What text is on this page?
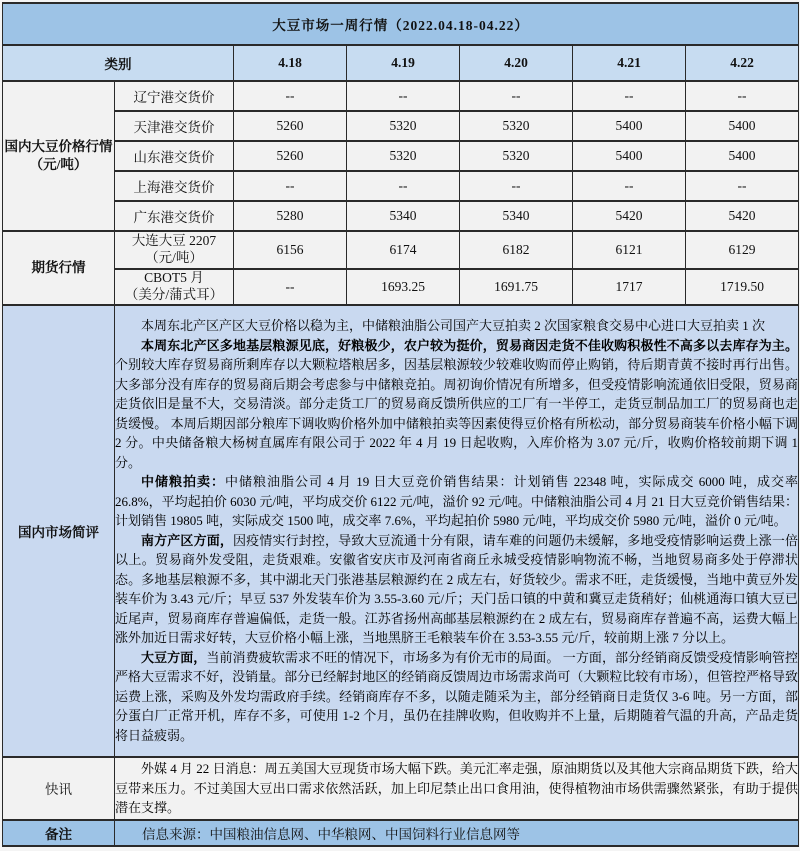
大豆市场一周行情（2022.04.18-04.22）						
类别		4.18	4.19	4.20	4.21	4.22
国内大豆价格行情（元/吨）	辽宁港交货价	--	--	--	--	--
	天津港交货价	5260	5320	5320	5400	5400
	山东港交货价	5260	5320	5320	5400	5400
	上海港交货价	--	--	--	--	--
	广东港交货价	5280	5340	5340	5420	5420
期货行情	大连大豆 2207
（元/吨）	6156	6174	6182	6121	6129

	CBOT5 月
（美分/蒲式耳）	--	1693.25	1691.75	1717	1719.50
国内市场简评	本周东北产区产区大豆价格以稳为主，中储粮油脂公司国产大豆拍卖 2 次国家粮食交易中心进口大豆拍卖 1 次

本周东北产区多地基层粮源见底，好粮极少，农户较为挺价，贸易商因走货不佳收购积极性不高多以去库存为主。个别较大库存贸易商所剩库存以大颗粒塔粮居多，因基层粮源较少较难收购而停止购销，待后期青黄不接时再行出售。大多部分没有库存的贸易商后期会考虑参与中储粮竞拍。周初询价情况有所增多，但受疫情影响流通依旧受限，贸易商走货依旧是量不大，交易清淡。部分走货工厂的贸易商反馈所供应的工厂有一半停工，走货豆制品加工厂的贸易商也走货缓慢。 本周后期因部分粮库下调收购价格外加中储粮拍卖等因素使得豆价格有所松动，部分贸易商装车价格小幅下调 2 分。中央储备粮大杨树直属库有限公司于 2022 年 4 月 19 日起收购，入库价格为 3.07 元/斤，收购价格较前期下调 1 分。

中储粮拍卖：中储粮油脂公司 4 月 19 日大豆竞价销售结果：计划销售 22348 吨，实际成交 6000 吨，成交率 26.8%，平均起拍价 6030 元/吨，平均成交价 6122 元/吨，溢价 92 元/吨。中储粮油脂公司 4 月 21 日大豆竞价销售结果：计划销售 19805 吨，实际成交 1500 吨，成交率 7.6%，平均起拍价 5980 元/吨，平均成交价 5980 元/吨，溢价 0 元/吨。

南方产区方面，因疫情实行封控，导致大豆流通十分有限，请车难的问题仍未缓解，多地受疫情影响运费上涨一倍以上。贸易商外发受阻，走货艰难。安徽省安庆市及河南省商丘永城受疫情影响物流不畅，当地贸易商多处于停滞状态。多地基层粮源不多，其中湖北天门张港基层粮源约在 2 成左右，好货较少。需求不旺，走货缓慢，当地中黄豆外发装车价为 3.43 元/斤；早豆 537 外发装车价为 3.55-3.60 元/斤；天门岳口镇的中黄和冀豆走货稍好；仙桃通海口镇大豆已近尾声，贸易商库存普遍偏低，走货一般。江苏省扬州高邮基层粮源约在 2 成左右，贸易商库存普遍不高，运费大幅上涨外加近日需求好转，大豆价格小幅上涨，当地黑脐王毛粮装车价在 3.53-3.55 元/斤，较前期上涨 7 分以上。

大豆方面，当前消费疲软需求不旺的情况下，市场多为有价无市的局面。 一方面，部分经销商反馈受疫情影响管控严格大豆需求不好，没销量。部分已经解封地区的经销商反馈周边市场需求尚可（大颗粒比较有市场），但管控严格导致运费上涨，采购及外发均需政府手续。经销商库存不多，以随走随采为主，部分经销商日走货仅 3-6 吨。另一方面，部分蛋白厂正常开机，库存不多，可使用 1-2 个月，虽仍在挂牌收购，但收购并不上量，后期随着气温的升高，产品走货将日益疲弱。					

快讯	外媒 4 月 22 日消息：周五美国大豆现货市场大幅下跌。美元汇率走强，原油期货以及其他大宗商品期货下跌，给大豆带来压力。不过美国大豆出口需求依然活跃，加上印尼禁止出口食用油，使得植物油市场供需骤然紧张，有助于提供潜在支撑。					

备注	信息来源：中国粮油信息网、中华粮网、中国饲料行业信息网等					
